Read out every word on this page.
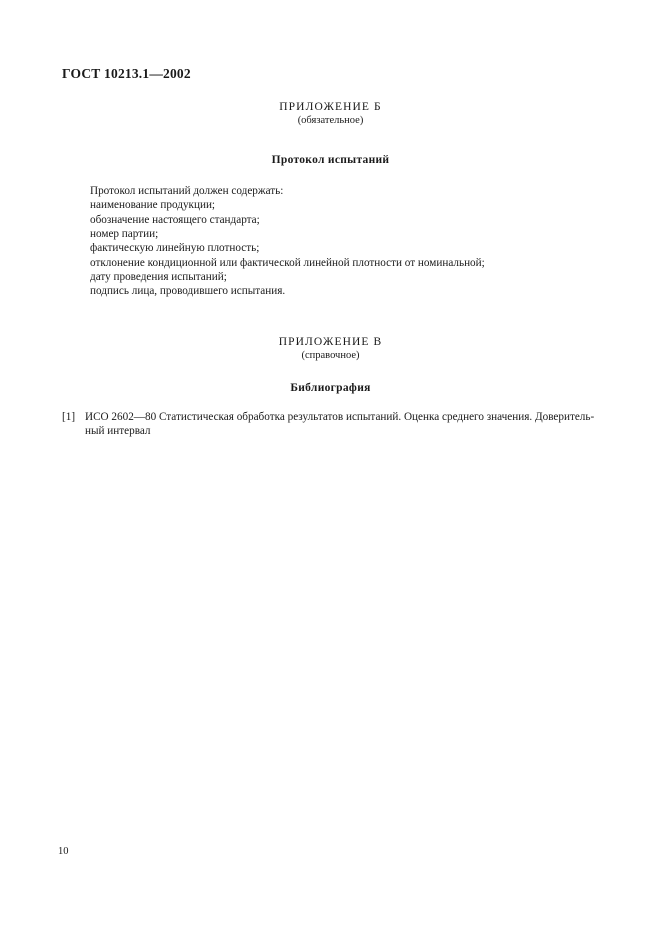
ГОСТ 10213.1—2002
ПРИЛОЖЕНИЕ Б
(обязательное)
Протокол испытаний
Протокол испытаний должен содержать:
наименование продукции;
обозначение настоящего стандарта;
номер партии;
фактическую линейную плотность;
отклонение кондиционной или фактической линейной плотности от номинальной;
дату проведения испытаний;
подпись лица, проводившего испытания.
ПРИЛОЖЕНИЕ В
(справочное)
Библиография
[1] ИСО 2602—80 Статистическая обработка результатов испытаний. Оценка среднего значения. Доверитель-
ный интервал
10
